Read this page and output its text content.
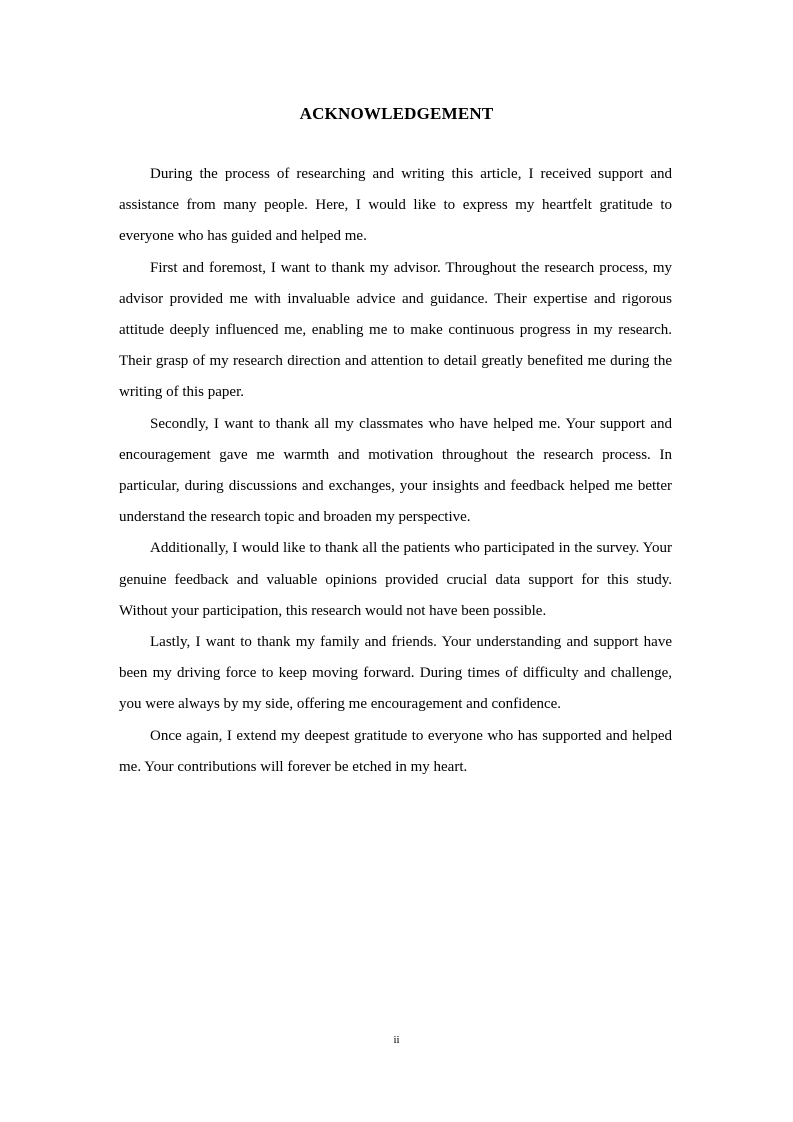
ACKNOWLEDGEMENT

During the process of researching and writing this article, I received support and assistance from many people. Here, I would like to express my heartfelt gratitude to everyone who has guided and helped me.

First and foremost, I want to thank my advisor. Throughout the research process, my advisor provided me with invaluable advice and guidance. Their expertise and rigorous attitude deeply influenced me, enabling me to make continuous progress in my research. Their grasp of my research direction and attention to detail greatly benefited me during the writing of this paper.

Secondly, I want to thank all my classmates who have helped me. Your support and encouragement gave me warmth and motivation throughout the research process. In particular, during discussions and exchanges, your insights and feedback helped me better understand the research topic and broaden my perspective.

Additionally, I would like to thank all the patients who participated in the survey. Your genuine feedback and valuable opinions provided crucial data support for this study. Without your participation, this research would not have been possible.

Lastly, I want to thank my family and friends. Your understanding and support have been my driving force to keep moving forward. During times of difficulty and challenge, you were always by my side, offering me encouragement and confidence.

Once again, I extend my deepest gratitude to everyone who has supported and helped me. Your contributions will forever be etched in my heart.

ii
